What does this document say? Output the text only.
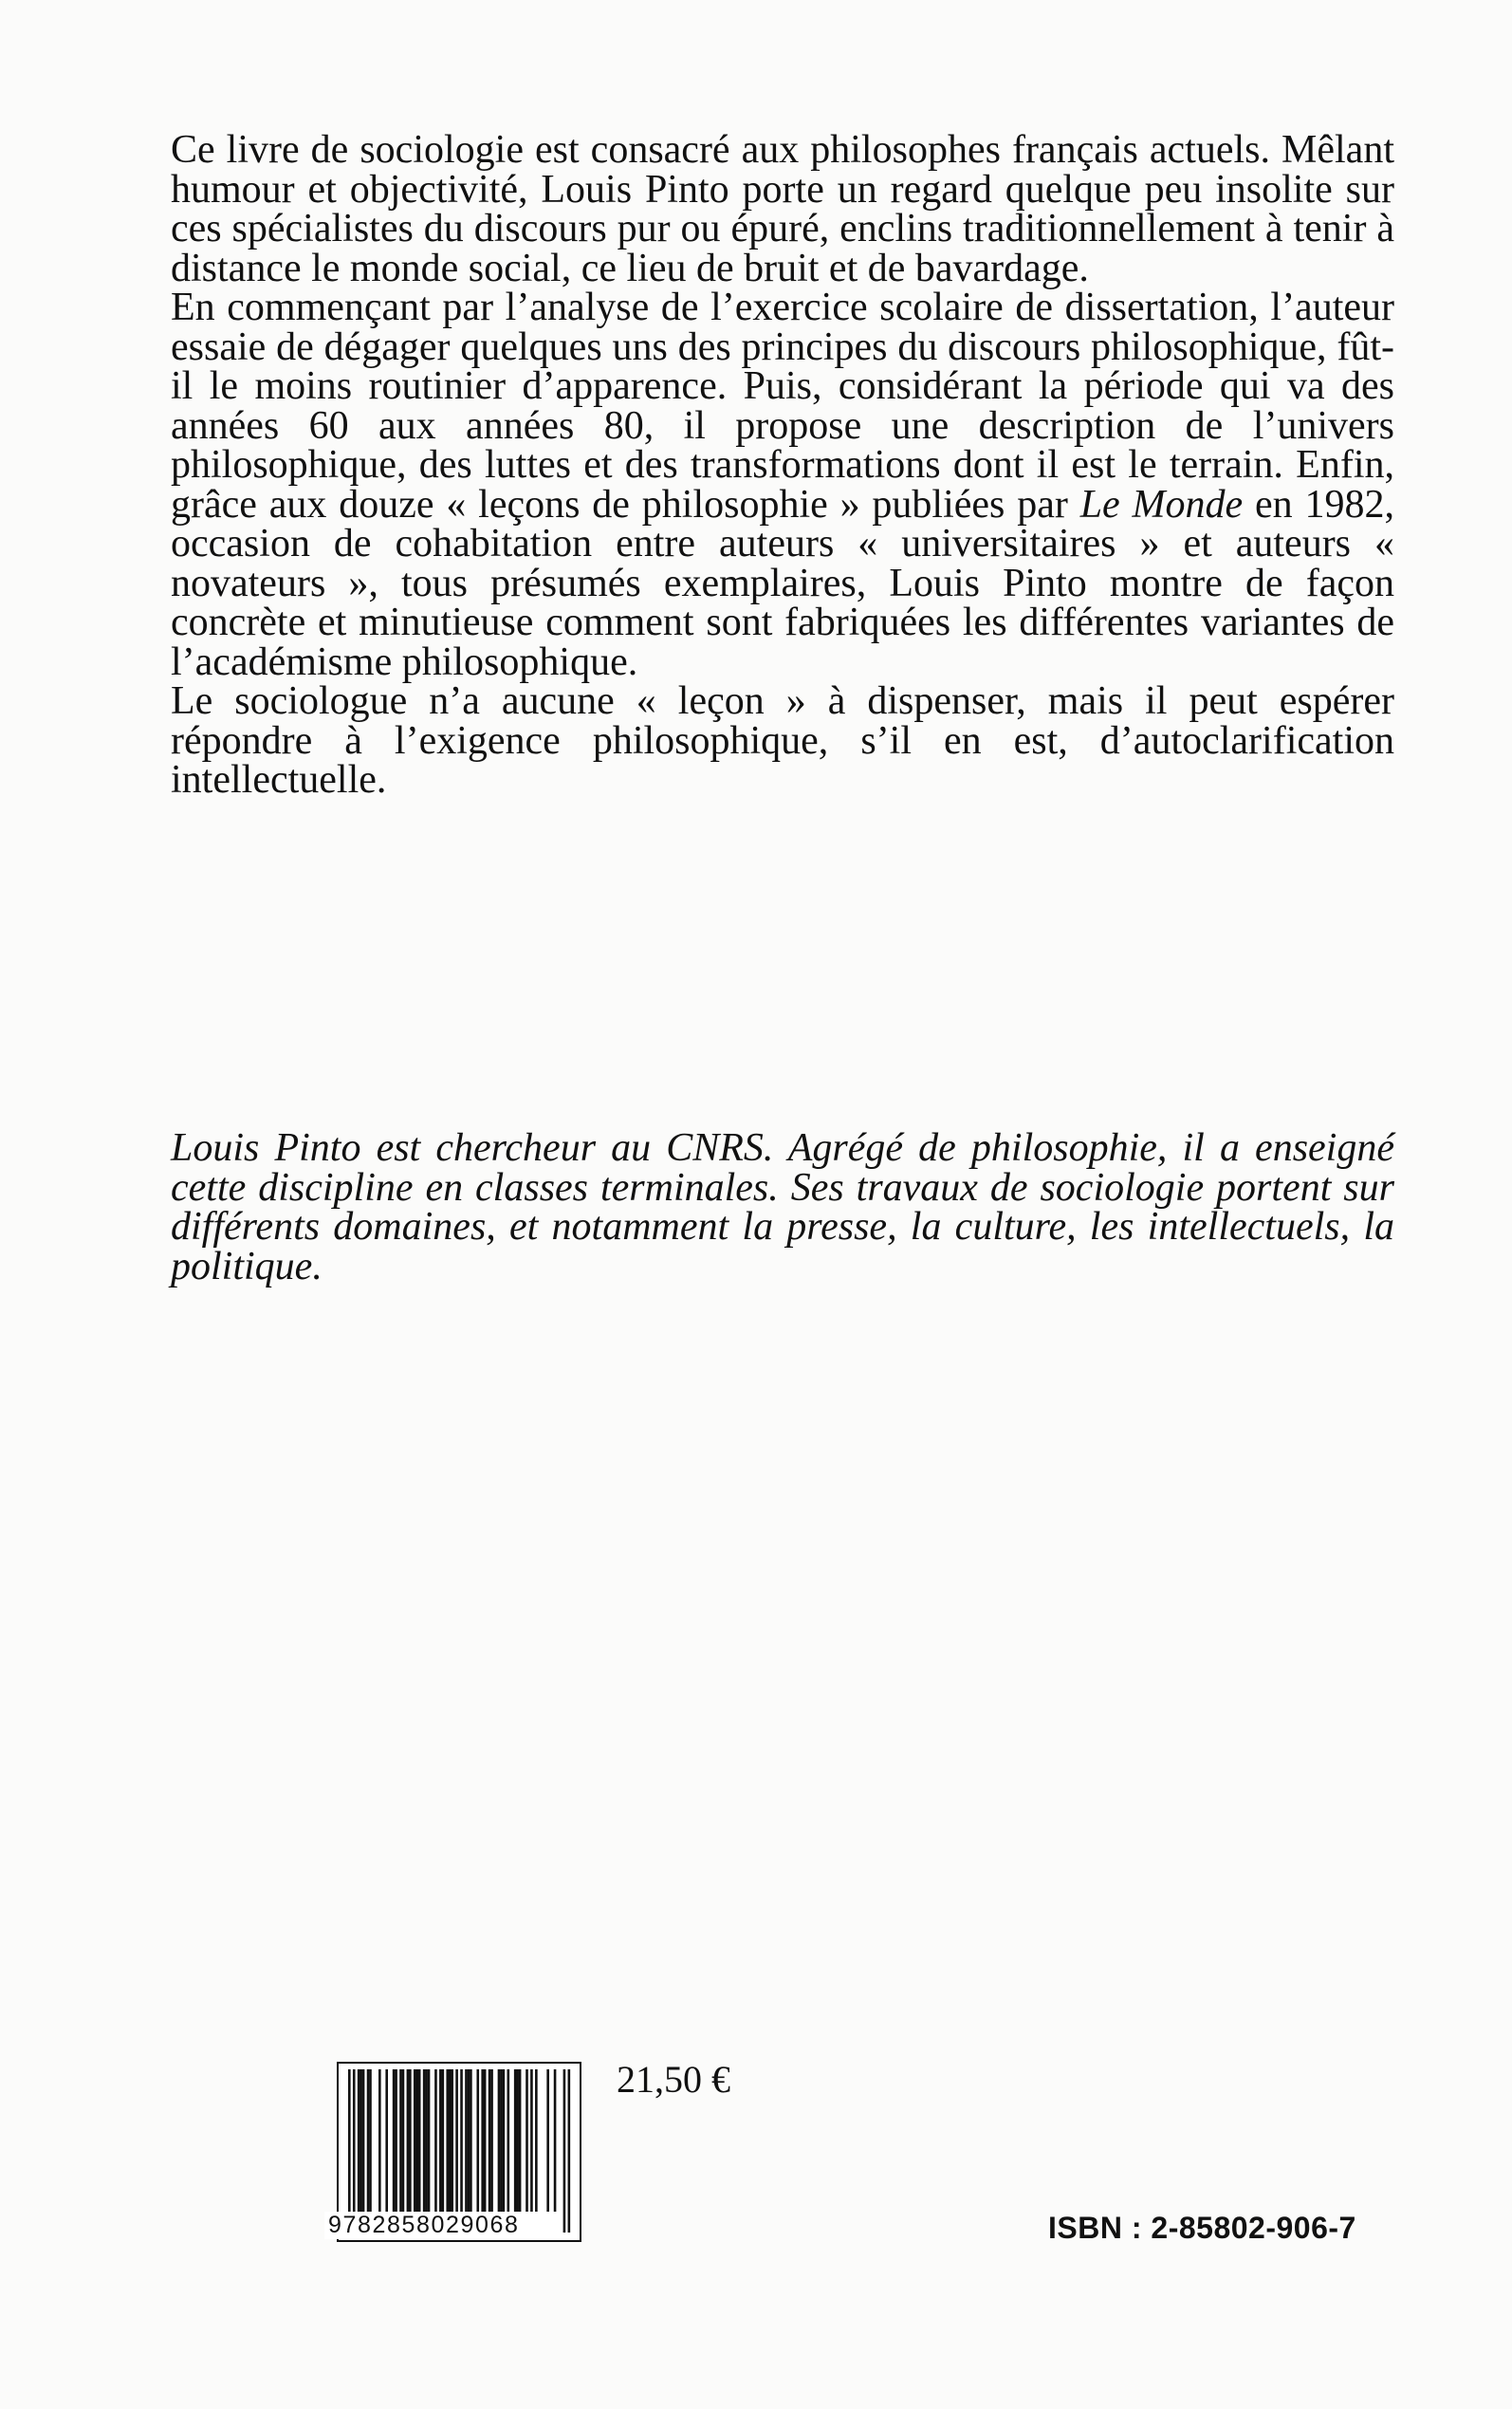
Ce livre de sociologie est consacré aux philosophes français actuels. Mêlant humour et objectivité, Louis Pinto porte un regard quelque peu insolite sur ces spécialistes du discours pur ou épuré, enclins traditionnellement à tenir à distance le monde social, ce lieu de bruit et de bavardage.

En commençant par l’analyse de l’exercice scolaire de dissertation, l’auteur essaie de dégager quelques uns des principes du discours philosophique, fût-il le moins routinier d’apparence. Puis, considérant la période qui va des années 60 aux années 80, il propose une description de l’univers philosophique, des luttes et des transformations dont il est le terrain. Enfin, grâce aux douze « leçons de philosophie » publiées par Le Monde en 1982, occasion de cohabitation entre auteurs « universitaires » et auteurs « novateurs », tous présumés exemplaires, Louis Pinto montre de façon concrète et minutieuse comment sont fabriquées les différentes variantes de l’académisme philosophique.

Le sociologue n’a aucune « leçon » à dispenser, mais il peut espérer répondre à l’exigence philosophique, s’il en est, d’autoclarification intellectuelle.

Louis Pinto est chercheur au CNRS. Agrégé de philosophie, il a enseigné cette discipline en classes terminales. Ses travaux de sociologie portent sur différents domaines, et notamment la presse, la culture, les intellectuels, la politique.

9782858029068
21,50 €
ISBN : 2-85802-906-7
